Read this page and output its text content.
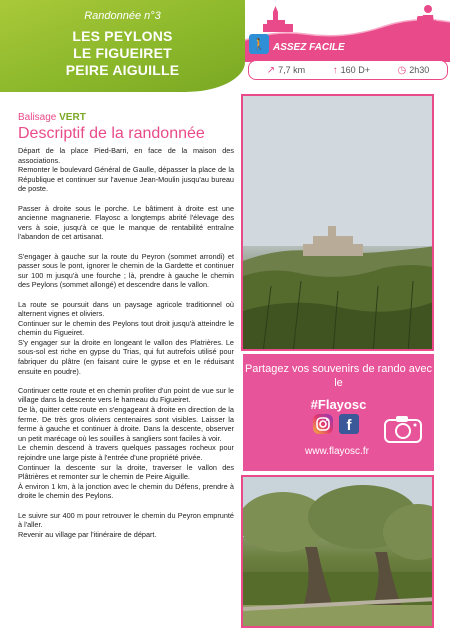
Randonnée n°3
LES PEYLONS
LE FIGUEIRET
PEIRE AIGUILLE
🚶 ASSEZ FACILE
↗ 7,7 km	↑ 160 D+	◷ 2h30
Balisage VERT
Descriptif de la randonnée

Départ de la place Pied-Barri, en face de la maison des associations.
Remonter le boulevard Général de Gaulle, dépasser la place de la République et continuer sur l'avenue Jean-Moulin jusqu'au bureau de poste.

Passer à droite sous le porche. Le bâtiment à droite est une ancienne magnanerie. Flayosc a longtemps abrité l'élevage des vers à soie, jusqu'à ce que le manque de rentabilité entraîne l'abandon de cet artisanat.

S'engager à gauche sur la route du Peyron (sommet arrondi) et passer sous le pont, ignorer le chemin de la Gardette et continuer sur 100 m jusqu'à une fourche ; là, prendre à gauche le chemin des Peylons (sommet allongé) et descendre dans le vallon.

La route se poursuit dans un paysage agricole traditionnel où alternent vignes et oliviers.
Continuer sur le chemin des Peylons tout droit jusqu'à atteindre le chemin du Figueiret.
S'y engager sur la droite en longeant le vallon des Platrières. Le sous-sol est riche en gypse du Trias, qui fut autrefois utilisé pour fabriquer du plâtre (en faisant cuire le gypse et en le réduisant ensuite en poudre).

Continuer cette route et en chemin profiter d'un point de vue sur le village dans la descente vers le hameau du Figueiret.
De là, quitter cette route en s'engageant à droite en direction de la ferme. De très gros oliviers centenaires sont visibles. Laisser la ferme à gauche et continuer à droite. Dans la descente, observer un petit marécage où les souilles à sangliers sont faciles à voir.
Le chemin descend à travers quelques passages rocheux pour rejoindre une large piste à l'entrée d'une propriété privée.
Continuer la descente sur la droite, traverser le vallon des Plâtrières et remonter sur le chemin de Peire Aiguille.
À environ 1 km, à la jonction avec le chemin du Défens, prendre à droite le chemin des Peylons.

Le suivre sur 400 m pour retrouver le chemin du Peyron emprunté à l'aller.
Revenir au village par l'itinéraire de départ.

Partagez vos souvenirs de rando avec le
#Flayosc
f
www.flayosc.fr
